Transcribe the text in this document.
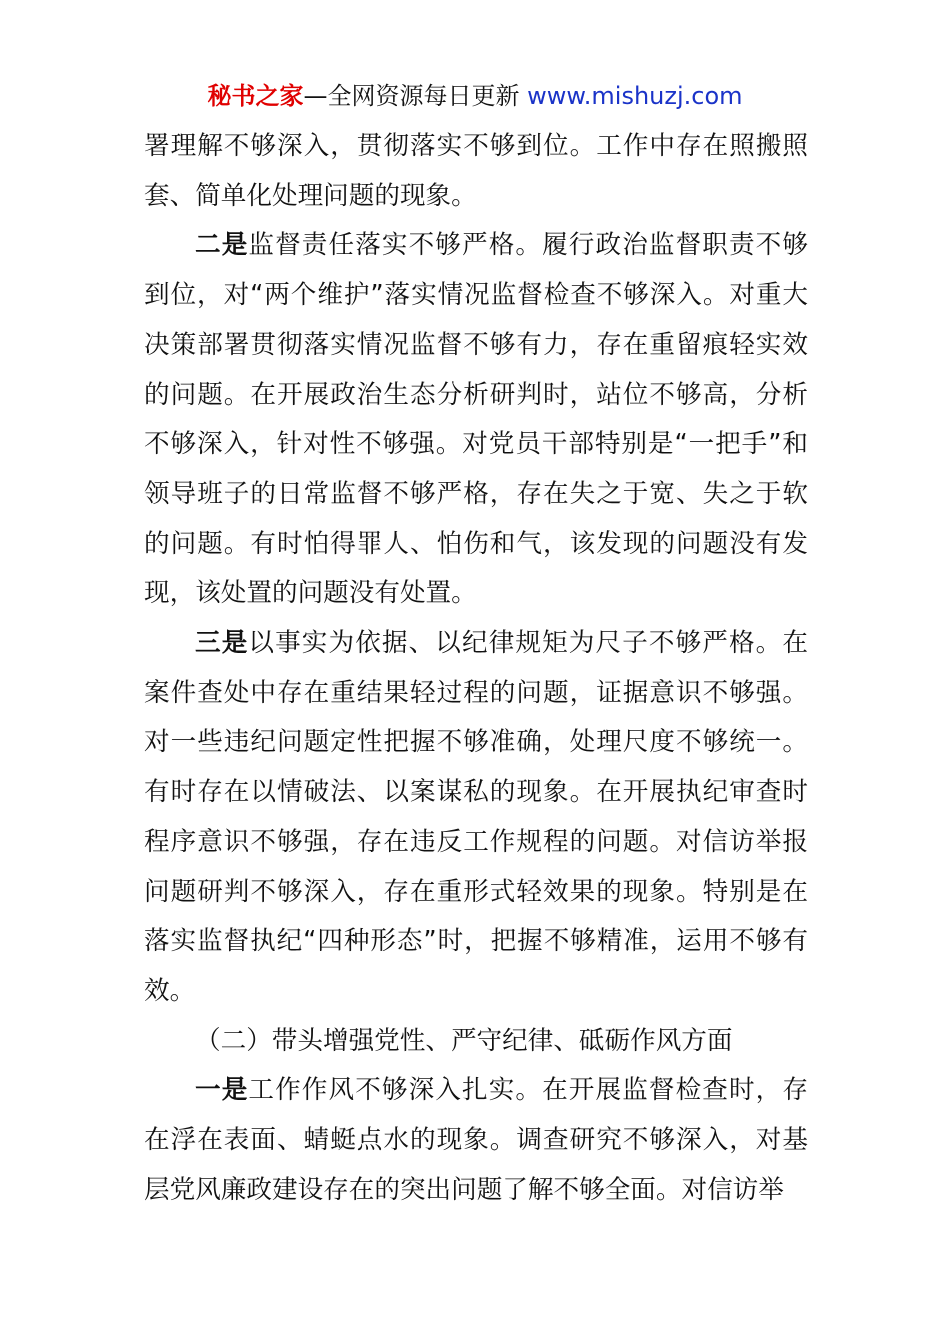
秘书之家—全网资源每日更新 www.mishuzj.com

署理解不够深入，贯彻落实不够到位。工作中存在照搬照套、简单化处理问题的现象。

二是监督责任落实不够严格。履行政治监督职责不够到位，对“两个维护”落实情况监督检查不够深入。对重大决策部署贯彻落实情况监督不够有力，存在重留痕轻实效的问题。在开展政治生态分析研判时，站位不够高，分析不够深入，针对性不够强。对党员干部特别是“一把手”和领导班子的日常监督不够严格，存在失之于宽、失之于软的问题。有时怕得罪人、怕伤和气，该发现的问题没有发现，该处置的问题没有处置。

三是以事实为依据、以纪律规矩为尺子不够严格。在案件查处中存在重结果轻过程的问题，证据意识不够强。对一些违纪问题定性把握不够准确，处理尺度不够统一。有时存在以情破法、以案谋私的现象。在开展执纪审查时程序意识不够强，存在违反工作规程的问题。对信访举报问题研判不够深入，存在重形式轻效果的现象。特别是在落实监督执纪“四种形态”时，把握不够精准，运用不够有效。

（二）带头增强党性、严守纪律、砥砺作风方面

一是工作作风不够深入扎实。在开展监督检查时，存在浮在表面、蜻蜓点水的现象。调查研究不够深入，对基层党风廉政建设存在的突出问题了解不够全面。对信访举
